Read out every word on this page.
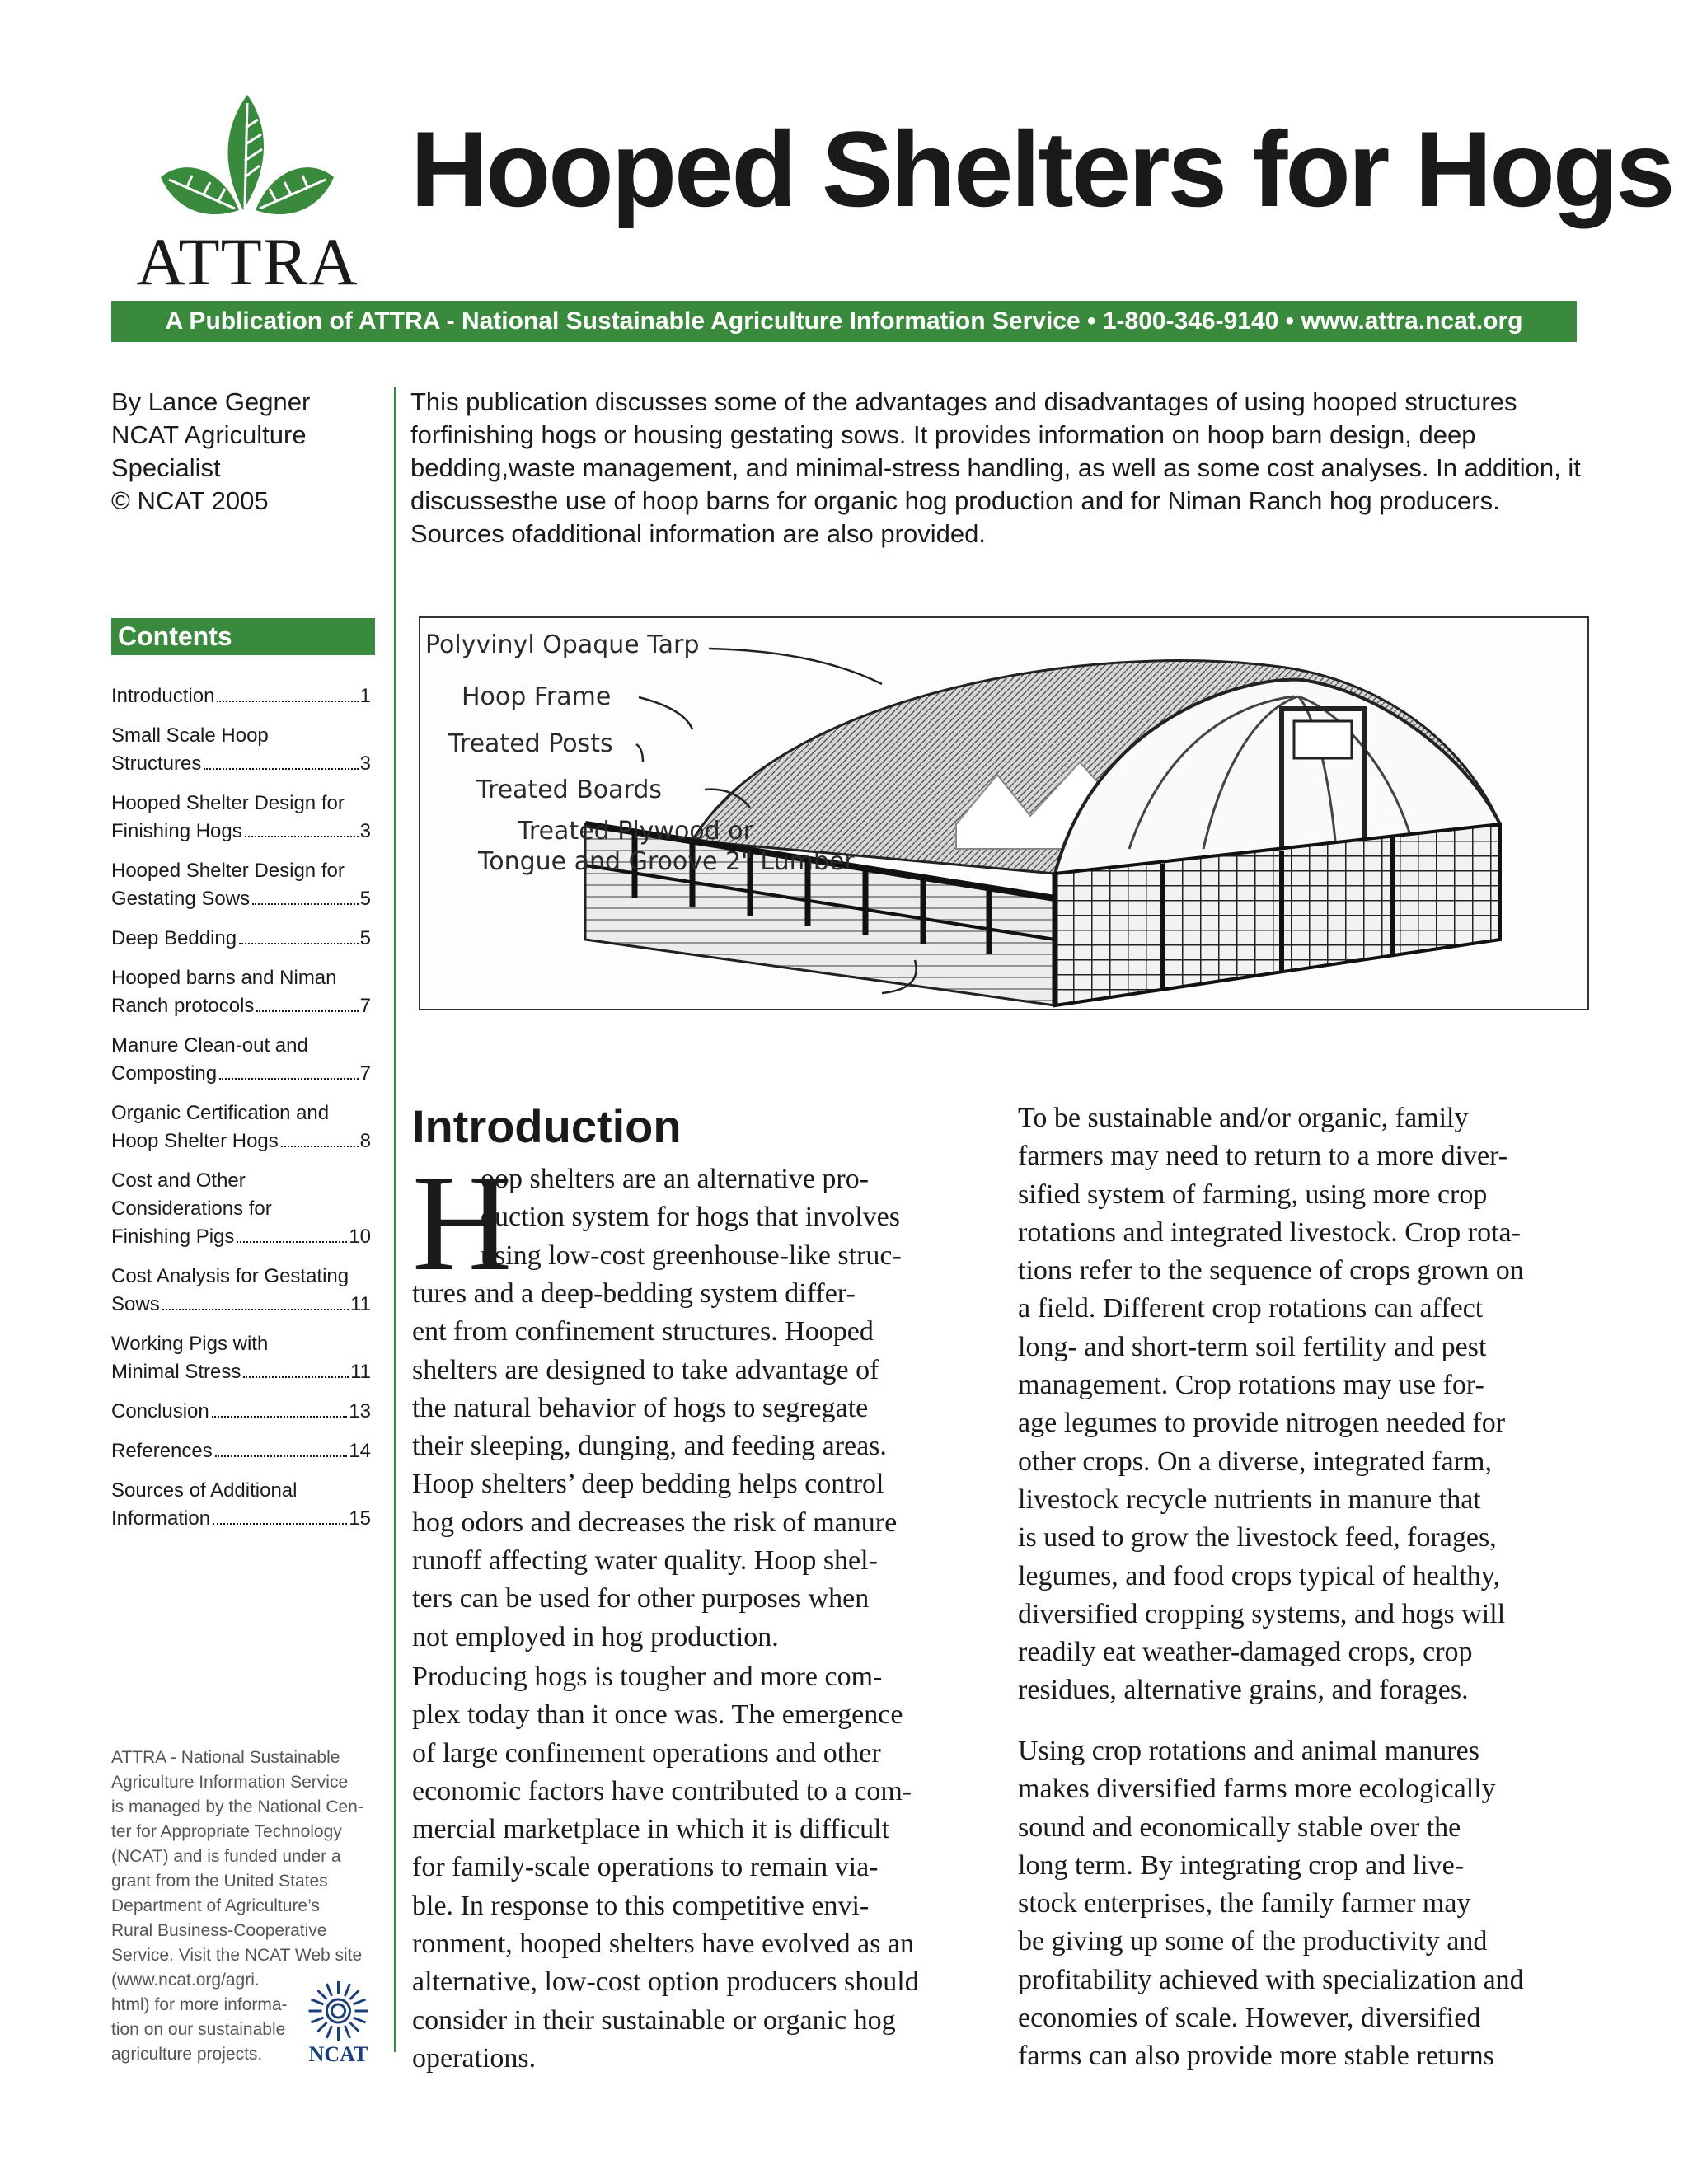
ATTRA
Hooped Shelters for Hogs
A Publication of ATTRA - National Sustainable Agriculture Information Service • 1-800-346-9140 • www.attra.ncat.org
By Lance Gegner
NCAT Agriculture
Specialist
© NCAT 2005
Contents
Introduction	1
Small Scale Hoop
Structures	3
Hooped Shelter Design for
Finishing Hogs	3
Hooped Shelter Design for
Gestating Sows	5
Deep Bedding	5
Hooped barns and Niman
Ranch protocols	7
Manure Clean-out and
Composting	7
Organic Certification and
Hoop Shelter Hogs	8
Cost and Other
Considerations for
Finishing Pigs	10
Cost Analysis for Gestating
Sows	11
Working Pigs with
Minimal Stress	11
Conclusion	13
References	14
Sources of Additional
Information	15
ATTRA - National Sustainable
Agriculture Information Service
is managed by the National Cen-
ter for Appropriate Technology
(NCAT) and is funded under a
grant from the United States
Department of Agriculture’s
Rural Business-Cooperative
Service. Visit the NCAT Web site
(www.ncat.org/agri.
html) for more informa-
tion on our sustainable
agriculture projects.	NCAT
This publication discusses some of the advantages and disadvantages of using hooped structures forfinishing hogs or housing gestating sows. It provides information on hoop barn design, deep bedding,waste management, and minimal-stress handling, as well as some cost analyses. In addition, it discussesthe use of hoop barns for organic hog production and for Niman Ranch hog producers. Sources ofadditional information are also provided.
Polyvinyl Opaque Tarp
Hoop Frame
Treated Posts
Treated Boards
Treated Plywood or
Tongue and Groove 2" Lumber
Introduction
H
oop shelters are an alternative pro-
duction system for hogs that involves
using low-cost greenhouse-like struc-
tures and a deep-bedding system differ-
ent from confinement structures. Hooped
shelters are designed to take advantage of
the natural behavior of hogs to segregate
their sleeping, dunging, and feeding areas.
Hoop shelters’ deep bedding helps control
hog odors and decreases the risk of manure
runoff affecting water quality. Hoop shel-
ters can be used for other purposes when
not employed in hog production.
Producing hogs is tougher and more com-
plex today than it once was. The emergence
of large confinement operations and other
economic factors have contributed to a com-
mercial marketplace in which it is difficult
for family-scale operations to remain via-
ble. In response to this competitive envi-
ronment, hooped shelters have evolved as an
alternative, low-cost option producers should
consider in their sustainable or organic hog
operations.
To be sustainable and/or organic, family
farmers may need to return to a more diver-
sified system of farming, using more crop
rotations and integrated livestock. Crop rota-
tions refer to the sequence of crops grown on
a field. Different crop rotations can affect
long- and short-term soil fertility and pest
management. Crop rotations may use for-
age legumes to provide nitrogen needed for
other crops. On a diverse, integrated farm,
livestock recycle nutrients in manure that
is used to grow the livestock feed, forages,
legumes, and food crops typical of healthy,
diversified cropping systems, and hogs will
readily eat weather-damaged crops, crop
residues, alternative grains, and forages.
Using crop rotations and animal manures
makes diversified farms more ecologically
sound and economically stable over the
long term. By integrating crop and live-
stock enterprises, the family farmer may
be giving up some of the productivity and
profitability achieved with specialization and
economies of scale. However, diversified
farms can also provide more stable returns
